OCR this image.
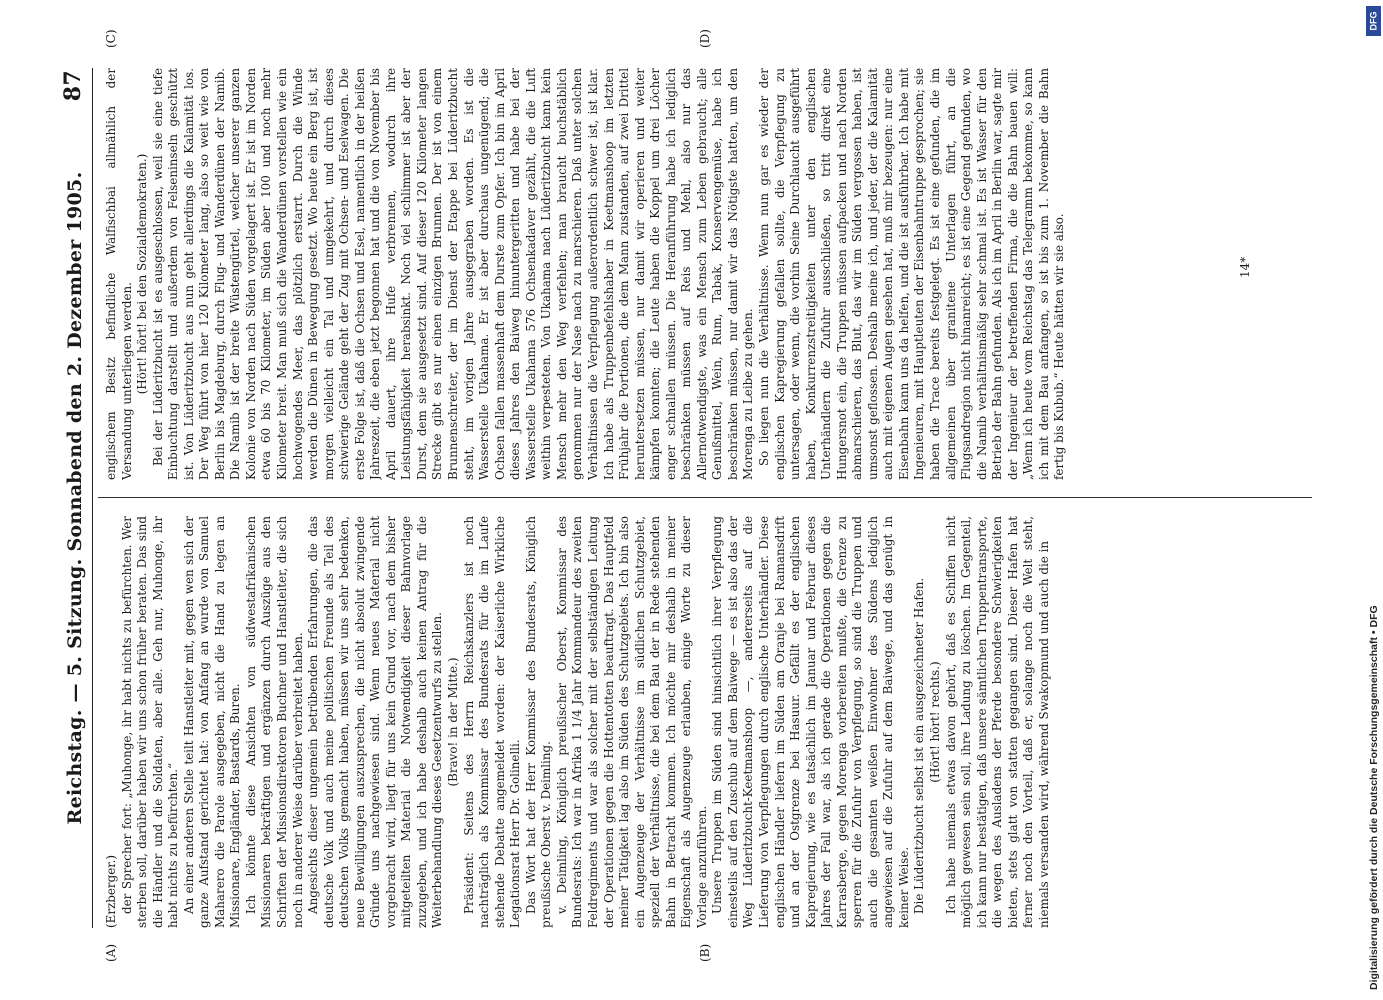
Reichstag. — 5. Sitzung. Sonnabend den 2. Dezember 1905.
87
(A)	(B)
(C)	(D)

(Erzberger.) der Sprecher fort: „Muhonge, ihr habt nichts zu befürchten. Wer sterben soll, darüber haben wir uns schon früher beraten. Das sind die Händler und die Soldaten, aber alle. Geh nur, Muhonge, ihr habt nichts zu befürchten.“ An einer anderen Stelle teilt Hanstleiter mit, gegen wen sich der ganze Aufstand gerichtet hat: von Anfang an wurde von Samuel Maharero die Parole ausgegeben, nicht die Hand zu legen an Missionare, Engländer, Bastards, Buren. Ich könnte diese Ansichten von südwestafrikanischen Missionaren bekräftigen und ergänzen durch Auszüge aus den Schriften der Missionsdirektoren Buchner und Hanstleiter, die sich noch in anderer Weise darüber verbreitet haben. Angesichts dieser ungemein betrübenden Erfahrungen, die das deutsche Volk und auch meine politischen Freunde als Teil des deutschen Volks gemacht haben, müssen wir uns sehr bedenken, neue Bewilligungen auszusprechen, die nicht absolut zwingende Gründe uns nachgewiesen sind. Wenn neues Material nicht vorgebracht wird, liegt für uns kein Grund vor, nach dem bisher mitgeteilten Material die Notwendigkeit dieser Bahnvorlage zuzugeben, und ich habe deshalb auch keinen Antrag für die Weiterbehandlung dieses Gesetzentwurfs zu stellen. (Bravo! in der Mitte.) Präsident: Seitens des Herrn Reichskanzlers ist noch nachträglich als Kommissar des Bundesrats für die im Laufe stehende Debatte angemeldet worden: der Kaiserliche Wirkliche Legationsrat Herr Dr. Golinelli. Das Wort hat der Herr Kommissar des Bundesrats, Königlich preußische Oberst v. Deimling. v. Deimling, Königlich preußischer Oberst, Kommissar des Bundesrats: Ich war in Afrika 1 1/4 Jahr Kommandeur des zweiten Feldregiments und war als solcher mit der selbständigen Leitung der Operationen gegen die Hottentotten beauftragt. Das Hauptfeld meiner Tätigkeit lag also im Süden des Schutzgebiets. Ich bin also ein Augenzeuge der Verhältnisse im südlichen Schutzgebiet, speziell der Verhältnisse, die bei dem Bau der in Rede stehenden Bahn in Betracht kommen. Ich möchte mir deshalb in meiner Eigenschaft als Augenzeuge erlauben, einige Worte zu dieser Vorlage anzuführen. Unsere Truppen im Süden sind hinsichtlich ihrer Verpflegung einesteils auf den Zuschub auf dem Baiwege — es ist also das der Weg Lüderitzbucht-Keetmanshoop —, andererseits auf die Lieferung von Verpflegungen durch englische Unterhändler. Diese englischen Händler liefern im Süden am Oranje bei Ramansdrift und an der Ostgrenze bei Hasuur. Gefällt es der englischen Kapregierung, wie es tatsächlich im Januar und Februar dieses Jahres der Fall war, als ich gerade die Operationen gegen die Karrasberge, gegen Morenga vorbereiten mußte, die Grenze zu sperren für die Zufuhr von Verpflegung, so sind die Truppen und auch die gesamten weißen Einwohner des Südens lediglich angewiesen auf die Zufuhr auf dem Baiwege, und das genügt in keiner Weise. Die Lüderitzbucht selbst ist ein ausgezeichneter Hafen. (Hört! hört! rechts.) Ich habe niemals etwas davon gehört, daß es Schiffen nicht möglich gewesen sein soll, ihre Ladung zu löschen. Im Gegenteil, ich kann nur bestätigen, daß unsere sämtlichen Truppentransporte, die wegen des Ausladens der Pferde besondere Schwierigkeiten bieten, stets glatt von statten gegangen sind. Dieser Hafen hat ferner noch den Vorteil, daß er, solange noch die Welt steht, niemals versanden wird, während Swakopmund und auch die in

englischem Besitz befindliche Walfischbai allmählich der Versandung unterliegen werden. (Hört! hört! bei den Sozialdemokraten.) Bei der Lüderitzbucht ist es ausgeschlossen, weil sie eine tiefe Einbuchtung darstellt und außerdem von Felseninseln geschützt ist. Von Lüderitzbucht aus nun geht allerdings die Kalamität los. Der Weg führt von hier 120 Kilometer lang, also so weit wie von Berlin bis Magdeburg, durch Flug- und Wanderdünen der Namib. Die Namib ist der breite Wüstengürtel, welcher unserer ganzen Kolonie von Norden nach Süden vorgelagert ist. Er ist im Norden etwa 60 bis 70 Kilometer, im Süden aber 100 und noch mehr Kilometer breit. Man muß sich die Wanderdünen vorstellen wie ein hochwogendes Meer, das plötzlich erstarrt. Durch die Winde werden die Dünen in Bewegung gesetzt. Wo heute ein Berg ist, ist morgen vielleicht ein Tal und umgekehrt, und durch dieses schwierige Gelände geht der Zug mit Ochsen- und Eselwagen. Die erste Folge ist, daß die Ochsen und Esel, namentlich in der heißen Jahreszeit, die eben jetzt begonnen hat und die von November bis April dauert, ihre Hufe verbrennen, wodurch ihre Leistungsfähigkeit herabsinkt. Noch viel schlimmer ist aber der Durst, dem sie ausgesetzt sind. Auf dieser 120 Kilometer langen Strecke gibt es nur einen einzigen Brunnen. Der ist von einem Brunnenschreiter, der im Dienst der Etappe bei Lüderitzbucht steht, im vorigen Jahre ausgegraben worden. Es ist die Wasserstelle Ukahama. Er ist aber durchaus ungenügend; die Ochsen fallen massenhaft dem Durste zum Opfer. Ich bin im April dieses Jahres den Baiweg hinuntergeritten und habe bei der Wasserstelle Ukahama 576 Ochsenkadaver gezählt, die die Luft weithin verpesteten. Von Ukahama nach Lüderitzbucht kann kein Mensch mehr den Weg verfehlen; man braucht buchstäblich genommen nur der Nase nach zu marschieren. Daß unter solchen Verhältnissen die Verpflegung außerordentlich schwer ist, ist klar. Ich habe als Truppenbefehlshaber in Keetmanshoop im letzten Frühjahr die Portionen, die dem Mann zustanden, auf zwei Drittel heruntersetzen müssen, nur damit wir operieren und weiter kämpfen konnten; die Leute haben die Koppel um drei Löcher enger schnallen müssen. Die Heranführung habe ich lediglich beschränken müssen auf Reis und Mehl, also nur das Allernotwendigste, was ein Mensch zum Leben gebraucht; alle Genußmittel, Wein, Rum, Tabak, Konservengemüse, habe ich beschränken müssen, nur damit wir das Nötigste hatten, um den Morenga zu Leibe zu gehen. So liegen nun die Verhältnisse. Wenn nun gar es wieder der englischen Kapregierung gefallen sollte, die Verpflegung zu untersagen, oder wenn, die vorhin Seine Durchlaucht ausgeführt haben, Konkurrenzstreitigkeiten unter den englischen Unterhändlern die Zufuhr ausschließen, so tritt direkt eine Hungersnot ein, die Truppen müssen aufpacken und nach Norden abmarschieren, das Blut, das wir im Süden vergossen haben, ist umsonst geflossen. Deshalb meine ich, und jeder, der die Kalamität auch mit eigenen Augen gesehen hat, muß mir bezeugen: nur eine Eisenbahn kann uns da helfen, und die ist ausführbar. Ich habe mit Ingenieuren, mit Hauptleuten der Eisenbahntruppe gesprochen; sie haben die Trace bereits festgelegt. Es ist eine gefunden, die im allgemeinen über granitene Unterlagen führt, an die Flugsandregion nicht hinanreicht; es ist eine Gegend gefunden, wo die Namib verhältnismäßig sehr schmal ist. Es ist Wasser für den Betrieb der Bahn gefunden. Als ich im April in Berlin war, sagte mir der Ingenieur der betreffenden Firma, die die Bahn bauen will: „Wenn ich heute vom Reichstag das Telegramm bekomme, so kann ich mit dem Bau anfangen, so ist bis zum 1. November die Bahn fertig bis Kubub.“ Heute hätten wir sie also.	14*
DFG
Digitalisierung gefördert durch die Deutsche Forschungsgemeinschaft • DFG
